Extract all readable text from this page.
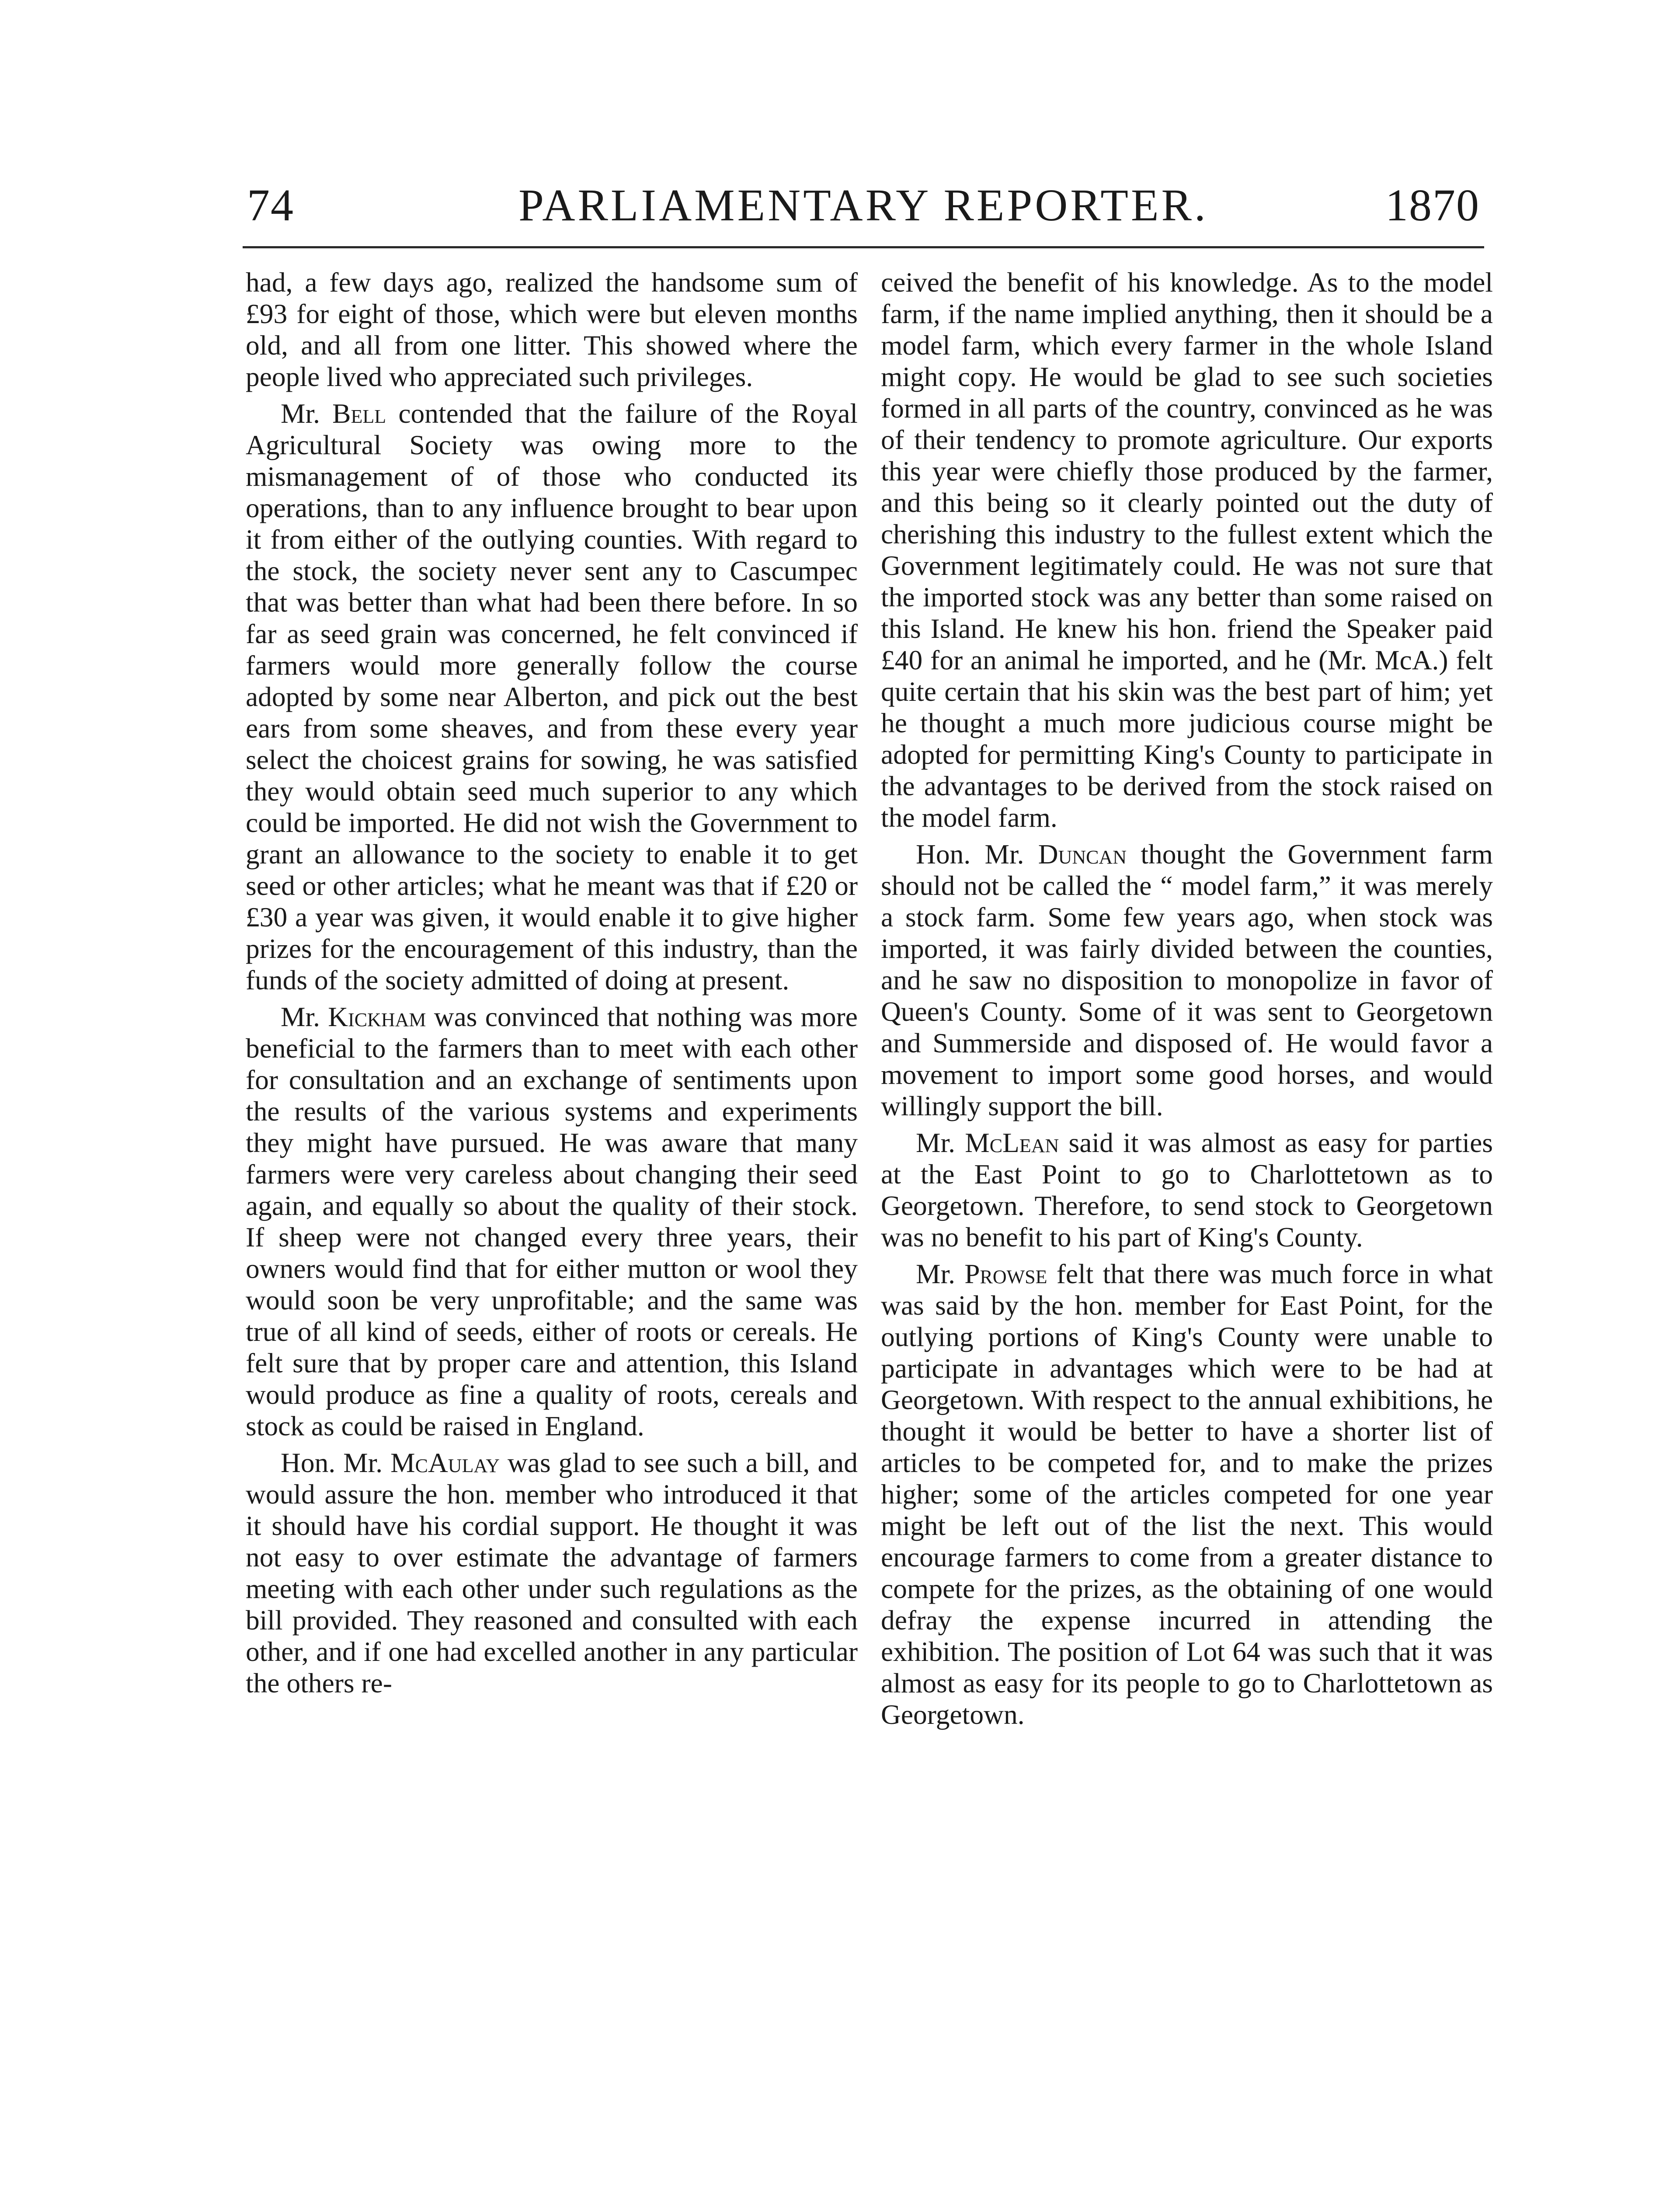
74	PARLIAMENTARY REPORTER.	1870

had, a few days ago, realized the handsome sum of £93 for eight of those, which were but eleven months old, and all from one litter. This showed where the people lived who appreciated such privileges.

Mr. Bell contended that the failure of the Royal Agricultural Society was owing more to the mismanagement of of those who conducted its operations, than to any influence brought to bear upon it from either of the outlying counties. With regard to the stock, the society never sent any to Cascumpec that was better than what had been there before. In so far as seed grain was concerned, he felt convinced if farmers would more generally follow the course adopted by some near Alberton, and pick out the best ears from some sheaves, and from these every year select the choicest grains for sowing, he was satisfied they would obtain seed much superior to any which could be imported. He did not wish the Government to grant an allowance to the society to enable it to get seed or other articles; what he meant was that if £20 or £30 a year was given, it would enable it to give higher prizes for the encouragement of this industry, than the funds of the society admitted of doing at present.

Mr. Kickham was convinced that nothing was more beneficial to the farmers than to meet with each other for consultation and an exchange of sentiments upon the results of the various systems and experiments they might have pursued. He was aware that many farmers were very careless about changing their seed again, and equally so about the quality of their stock. If sheep were not changed every three years, their owners would find that for either mutton or wool they would soon be very unprofitable; and the same was true of all kind of seeds, either of roots or cereals. He felt sure that by proper care and attention, this Island would produce as fine a quality of roots, cereals and stock as could be raised in England.

Hon. Mr. McAulay was glad to see such a bill, and would assure the hon. member who introduced it that it should have his cordial support. He thought it was not easy to over estimate the advantage of farmers meeting with each other under such regulations as the bill provided. They reasoned and consulted with each other, and if one had excelled another in any particular the others re-

ceived the benefit of his knowledge. As to the model farm, if the name implied anything, then it should be a model farm, which every farmer in the whole Island might copy. He would be glad to see such societies formed in all parts of the country, convinced as he was of their tendency to promote agriculture. Our exports this year were chiefly those produced by the farmer, and this being so it clearly pointed out the duty of cherishing this industry to the fullest extent which the Government legitimately could. He was not sure that the imported stock was any better than some raised on this Island. He knew his hon. friend the Speaker paid £40 for an animal he imported, and he (Mr. McA.) felt quite certain that his skin was the best part of him; yet he thought a much more judicious course might be adopted for permitting King's County to participate in the advantages to be derived from the stock raised on the model farm.

Hon. Mr. Duncan thought the Government farm should not be called the “ model farm,” it was merely a stock farm. Some few years ago, when stock was imported, it was fairly divided between the counties, and he saw no disposition to monopolize in favor of Queen's County. Some of it was sent to Georgetown and Summerside and disposed of. He would favor a movement to import some good horses, and would willingly support the bill.

Mr. McLean said it was almost as easy for parties at the East Point to go to Charlottetown as to Georgetown. Therefore, to send stock to Georgetown was no benefit to his part of King's County.

Mr. Prowse felt that there was much force in what was said by the hon. member for East Point, for the outlying portions of King's County were unable to participate in advantages which were to be had at Georgetown. With respect to the annual exhibitions, he thought it would be better to have a shorter list of articles to be competed for, and to make the prizes higher; some of the articles competed for one year might be left out of the list the next. This would encourage farmers to come from a greater distance to compete for the prizes, as the obtaining of one would defray the expense incurred in attending the exhibition. The position of Lot 64 was such that it was almost as easy for its people to go to Charlottetown as Georgetown.
